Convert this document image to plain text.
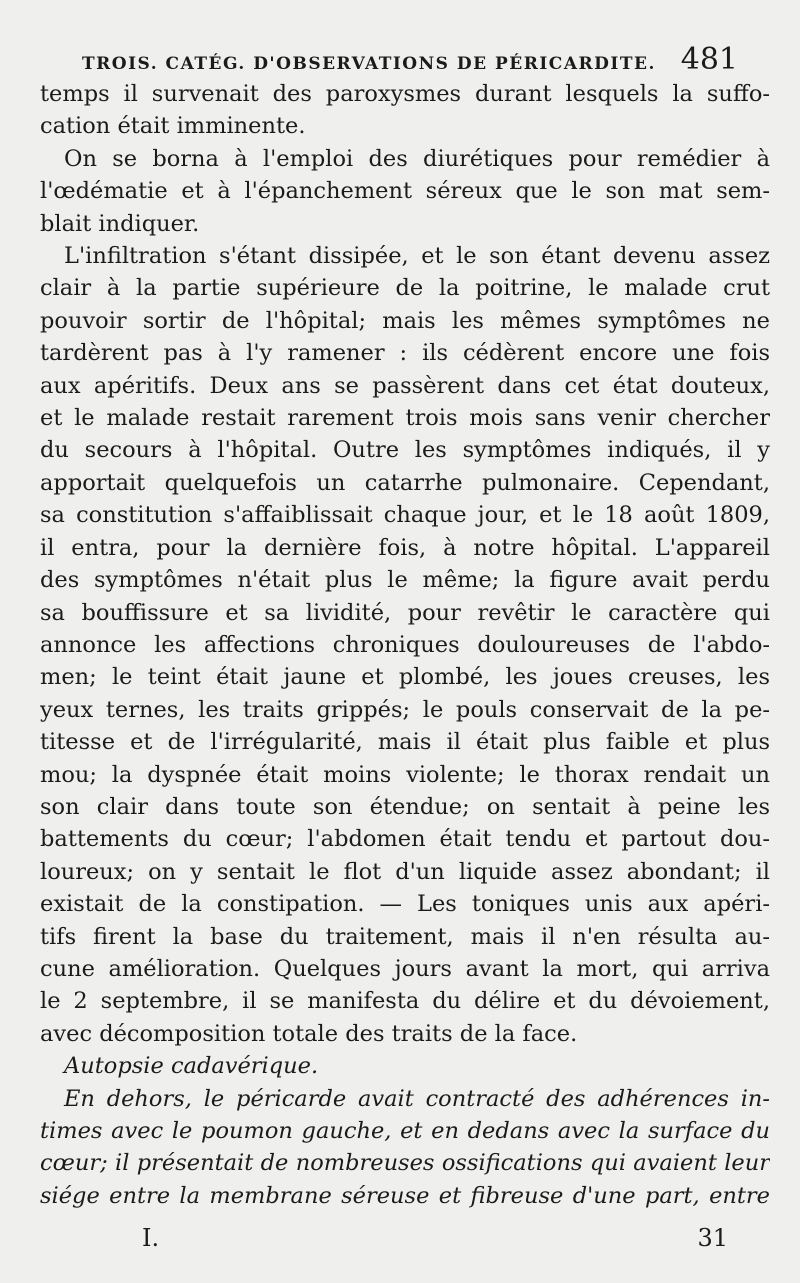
TROIS. CATÉG. D'OBSERVATIONS DE PÉRICARDITE. 481
temps il survenait des paroxysmes durant lesquels la suffo-
cation était imminente.
On se borna à l'emploi des diurétiques pour remédier à
l'œdématie et à l'épanchement séreux que le son mat sem-
blait indiquer.
L'infiltration s'étant dissipée, et le son étant devenu assez
clair à la partie supérieure de la poitrine, le malade crut
pouvoir sortir de l'hôpital; mais les mêmes symptômes ne
tardèrent pas à l'y ramener : ils cédèrent encore une fois
aux apéritifs. Deux ans se passèrent dans cet état douteux,
et le malade restait rarement trois mois sans venir chercher
du secours à l'hôpital. Outre les symptômes indiqués, il y
apportait quelquefois un catarrhe pulmonaire. Cependant,
sa constitution s'affaiblissait chaque jour, et le 18 août 1809,
il entra, pour la dernière fois, à notre hôpital. L'appareil
des symptômes n'était plus le même; la figure avait perdu
sa bouffissure et sa lividité, pour revêtir le caractère qui
annonce les affections chroniques douloureuses de l'abdo-
men; le teint était jaune et plombé, les joues creuses, les
yeux ternes, les traits grippés; le pouls conservait de la pe-
titesse et de l'irrégularité, mais il était plus faible et plus
mou; la dyspnée était moins violente; le thorax rendait un
son clair dans toute son étendue; on sentait à peine les
battements du cœur; l'abdomen était tendu et partout dou-
loureux; on y sentait le flot d'un liquide assez abondant; il
existait de la constipation. — Les toniques unis aux apéri-
tifs firent la base du traitement, mais il n'en résulta au-
cune amélioration. Quelques jours avant la mort, qui arriva
le 2 septembre, il se manifesta du délire et du dévoiement,
avec décomposition totale des traits de la face.
Autopsie cadavérique.
En dehors, le péricarde avait contracté des adhérences in-
times avec le poumon gauche, et en dedans avec la surface du
cœur; il présentait de nombreuses ossifications qui avaient leur
siége entre la membrane séreuse et fibreuse d'une part, entre
I.	31
